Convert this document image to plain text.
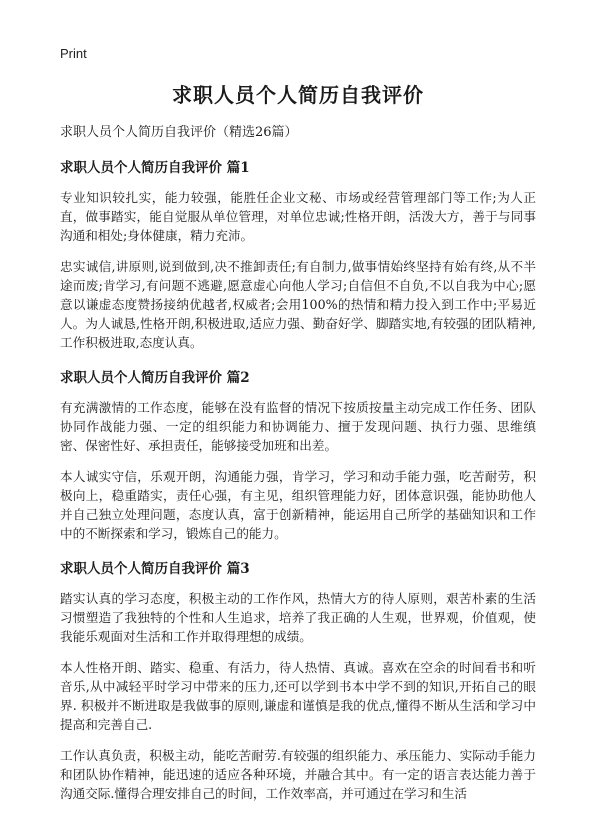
Print
求职人员个人简历自我评价

求职人员个人简历自我评价（精选26篇）

求职人员个人简历自我评价 篇1

专业知识较扎实，能力较强，能胜任企业文秘、市场或经营管理部门等工作;为人正直，做事踏实，能自觉服从单位管理，对单位忠诚;性格开朗，活泼大方，善于与同事沟通和相处;身体健康，精力充沛。

忠实诚信,讲原则,说到做到,决不推卸责任;有自制力,做事情始终坚持有始有终,从不半途而废;肯学习,有问题不逃避,愿意虚心向他人学习;自信但不自负,不以自我为中心;愿意以谦虚态度赞扬接纳优越者,权威者;会用100%的热情和精力投入到工作中;平易近人。为人诚恳,性格开朗,积极进取,适应力强、勤奋好学、脚踏实地,有较强的团队精神,工作积极进取,态度认真。

求职人员个人简历自我评价 篇2

有充满激情的工作态度，能够在没有监督的情况下按质按量主动完成工作任务、团队协同作战能力强、一定的组织能力和协调能力、擅于发现问题、执行力强、思维缜密、保密性好、承担责任，能够接受加班和出差。

本人诚实守信，乐观开朗，沟通能力强，肯学习，学习和动手能力强，吃苦耐劳，积极向上，稳重踏实，责任心强，有主见，组织管理能力好，团体意识强，能协助他人并自己独立处理问题，态度认真，富于创新精神，能运用自己所学的基础知识和工作中的不断探索和学习，锻炼自己的能力。

求职人员个人简历自我评价 篇3

踏实认真的学习态度，积极主动的工作作风，热情大方的待人原则，艰苦朴素的生活习惯塑造了我独特的个性和人生追求，培养了我正确的人生观，世界观，价值观，使我能乐观面对生活和工作并取得理想的成绩。

本人性格开朗、踏实、稳重、有活力，待人热情、真诚。喜欢在空余的时间看书和听音乐,从中减轻平时学习中带来的压力,还可以学到书本中学不到的知识,开拓自己的眼界. 积极并不断进取是我做事的原则,谦虚和谨慎是我的优点,懂得不断从生活和学习中提高和完善自己.

工作认真负责，积极主动，能吃苦耐劳.有较强的组织能力、承压能力、实际动手能力和团队协作精神，能迅速的适应各种环境，并融合其中。有一定的语言表达能力善于沟通交际.懂得合理安排自己的时间，工作效率高，并可通过在学习和生活
